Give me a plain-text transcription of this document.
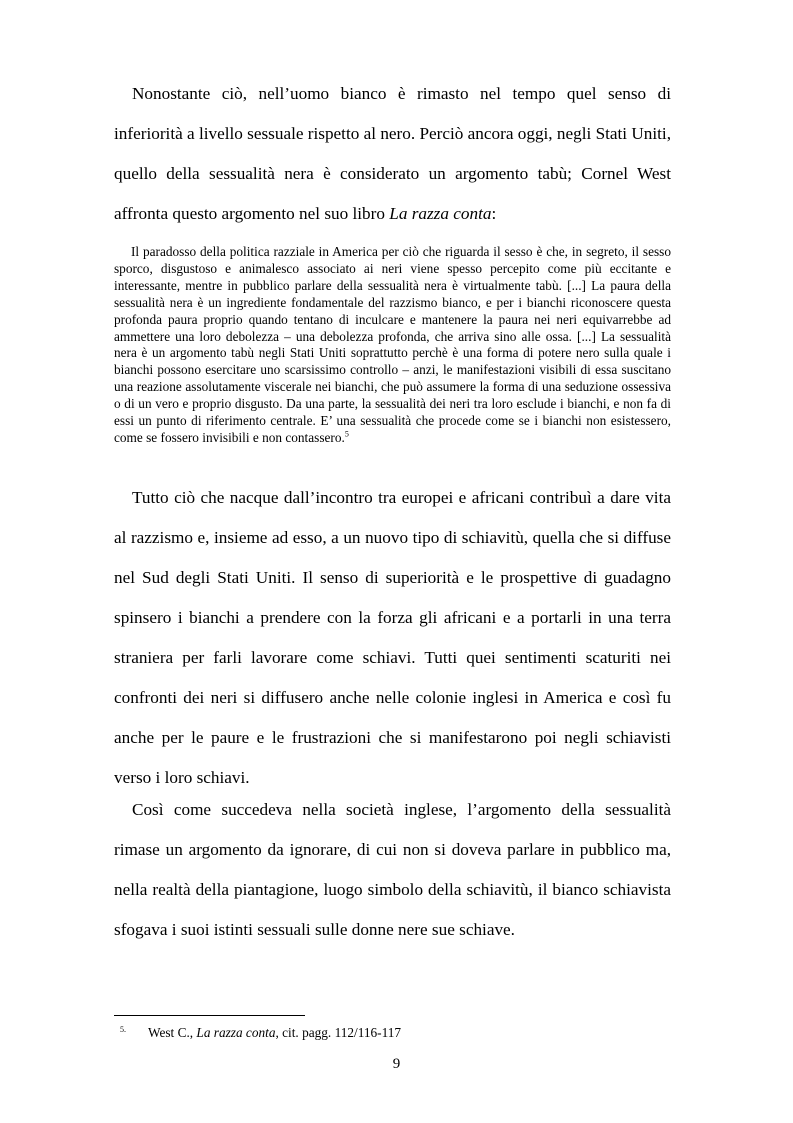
Nonostante ciò, nell’uomo bianco è rimasto nel tempo quel senso di inferiorità a livello sessuale rispetto al nero. Perciò ancora oggi, negli Stati Uniti, quello della sessualità nera è considerato un argomento tabù; Cornel West affronta questo argomento nel suo libro La razza conta:

Il paradosso della politica razziale in America per ciò che riguarda il sesso è che, in segreto, il sesso sporco, disgustoso e animalesco associato ai neri viene spesso percepito come più eccitante e interessante, mentre in pubblico parlare della sessualità nera è virtualmente tabù. [...] La paura della sessualità nera è un ingrediente fondamentale del razzismo bianco, e per i bianchi riconoscere questa profonda paura proprio quando tentano di inculcare e mantenere la paura nei neri equivarrebbe ad ammettere una loro debolezza – una debolezza profonda, che arriva sino alle ossa. [...] La sessualità nera è un argomento tabù negli Stati Uniti soprattutto perchè è una forma di potere nero sulla quale i bianchi possono esercitare uno scarsissimo controllo – anzi, le manifestazioni visibili di essa suscitano una reazione assolutamente viscerale nei bianchi, che può assumere la forma di una seduzione ossessiva o di un vero e proprio disgusto. Da una parte, la sessualità dei neri tra loro esclude i bianchi, e non fa di essi un punto di riferimento centrale. E’ una sessualità che procede come se i bianchi non esistessero, come se fossero invisibili e non contassero.$^5$

Tutto ciò che nacque dall’incontro tra europei e africani contribuì a dare vita al razzismo e, insieme ad esso, a un nuovo tipo di schiavitù, quella che si diffuse nel Sud degli Stati Uniti. Il senso di superiorità e le prospettive di guadagno spinsero i bianchi a prendere con la forza gli africani e a portarli in una terra straniera per farli lavorare come schiavi. Tutti quei sentimenti scaturiti nei confronti dei neri si diffusero anche nelle colonie inglesi in America e così fu anche per le paure e le frustrazioni che si manifestarono poi negli schiavisti verso i loro schiavi.

Così come succedeva nella società inglese, l’argomento della sessualità rimase un argomento da ignorare, di cui non si doveva parlare in pubblico ma, nella realtà della piantagione, luogo simbolo della schiavitù, il bianco schiavista sfogava i suoi istinti sessuali sulle donne nere sue schiave.

5. West C., La razza conta, cit. pagg. 112/116-117
9
